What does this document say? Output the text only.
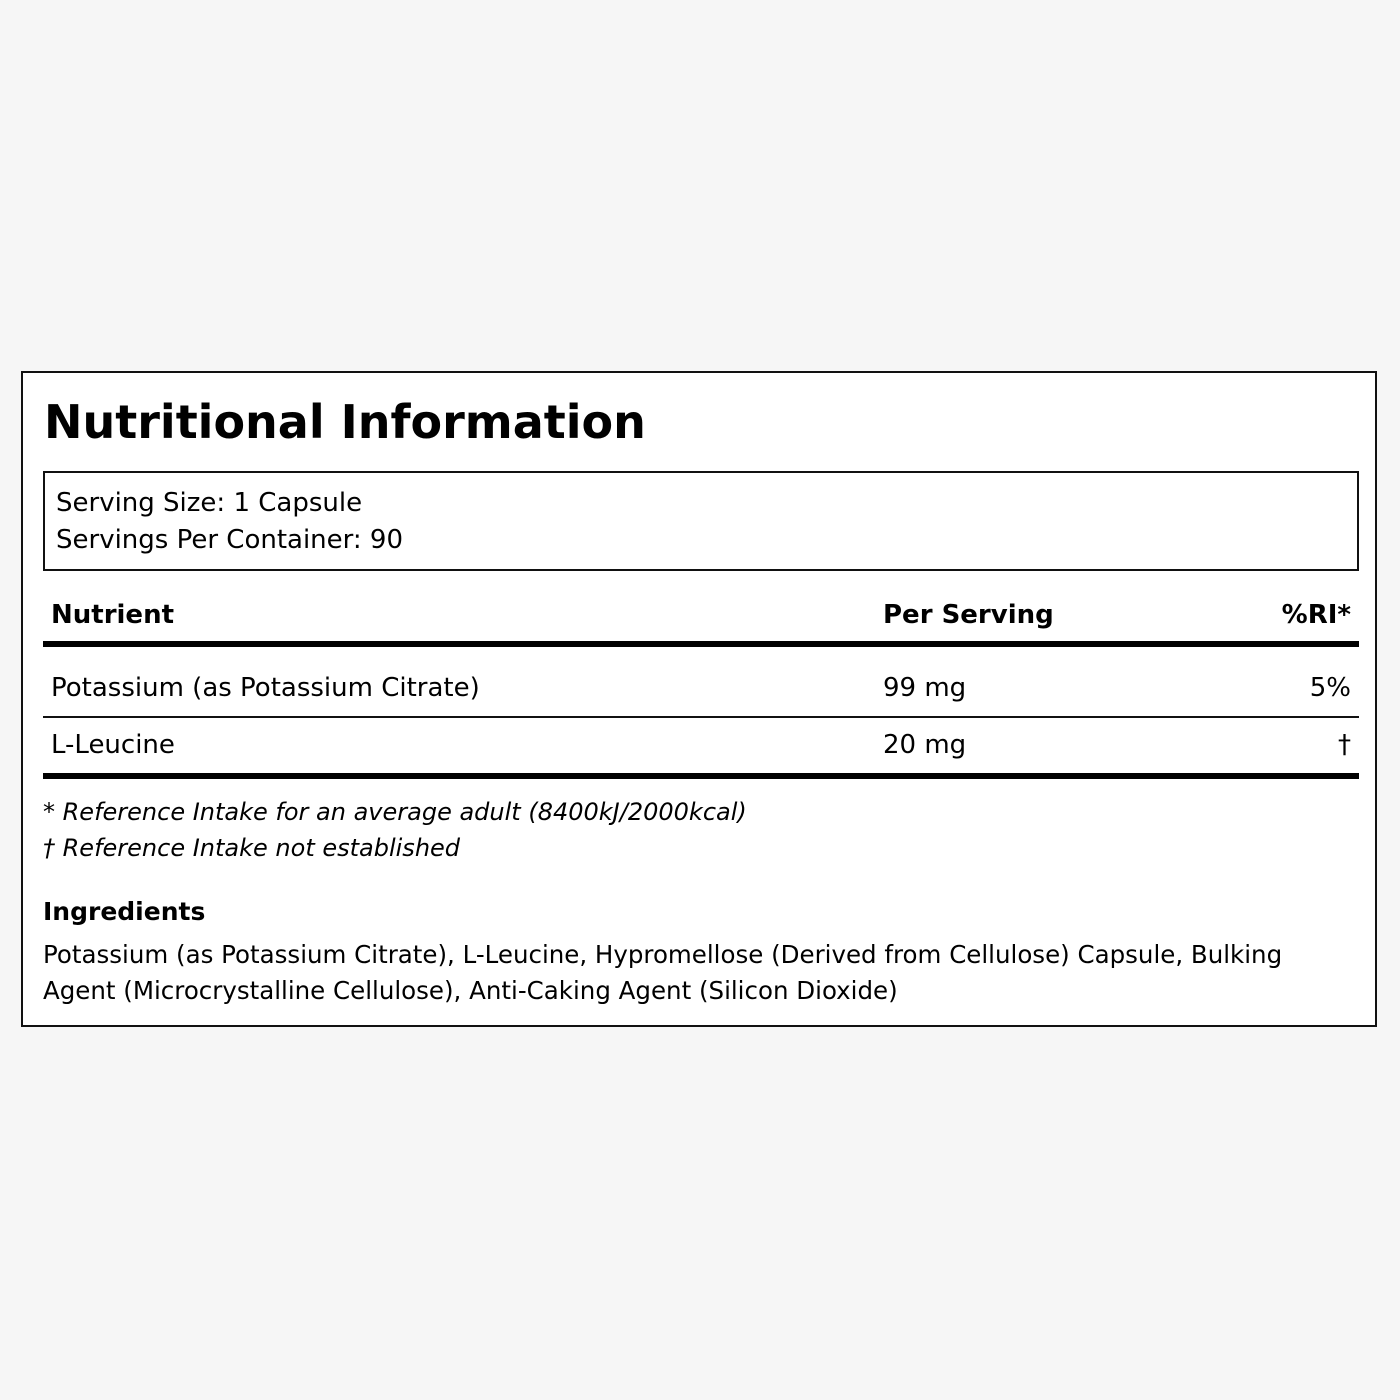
Nutritional Information
Serving Size: 1 Capsule
Servings Per Container: 90
Nutrient	Per Serving	%RI*
Potassium (as Potassium Citrate)	99 mg	5%
L-Leucine	20 mg	†
* Reference Intake for an average adult (8400kJ/2000kcal)
† Reference Intake not established
Ingredients

Potassium (as Potassium Citrate), L-Leucine, Hypromellose (Derived from Cellulose) Capsule, Bulking Agent (Microcrystalline Cellulose), Anti-Caking Agent (Silicon Dioxide)
